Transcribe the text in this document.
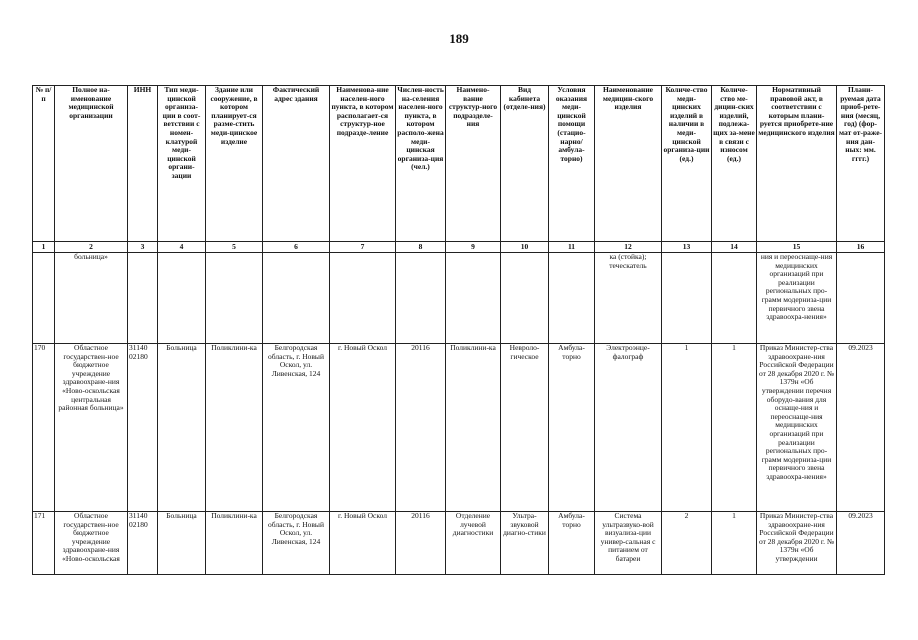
189
№ п/п	Полное на-именование медицинской организации	ИНН	Тип меди-цинской организа-ции в соот-ветствии с номен-клатурой меди-цинской органи-зации	Здание или сооружение, в котором планирует-ся разме-стить меди-цинское изделие	Фактический адрес здания	Наименова-ние населен-ного пункта, в котором располагает-ся структур-ное подразде-ление	Числен-ность на-селения населен-ного пункта, в котором располо-жена меди-цинская организа-ция (чел.)	Наимено-вание структур-ного подразделе-ния	Вид кабинета (отделе-ния)	Условия оказания меди-цинской помощи (стацио-нарно/ амбула-торно)	Наименование медицин-ского изделия	Количе-ство меди-цинских изделий в наличии в меди-цинской организа-ции (ед.)	Количе-ство ме-дицин-ских изделий, подлежа-щих за-мене в связи с износом (ед.)	Нормативный правовой акт, в соответствии с которым плани-руется приобрете-ние медицинского изделия	Плани-руемая дата приоб-рете-ния (месяц, год) (фор-мат от-раже-ния дан-ных: мм. гггг.)
1	2	3	4	5	6	7	8	9	10	11	12	13	14	15	16
	больница»										ка (стойка); теческатель			ния и переоснаще-ния медицинских организаций при реализации региональных про-грамм модерниза-ции первичного звена здравоохра-нения»	
170	Областное государствен-ное бюджетное учреждение здравоохране-ния «Ново-оскольская центральная районная больница»	31140 02180	Больница	Поликлини-ка	Белгородская область, г. Новый Оскол, ул. Ливенская, 124	г. Новый Оскол	20116	Поликлини-ка	Невроло-гическое	Амбула-торно	Электроэнце-фалограф	1	1	Приказ Министер-ства здравоохране-ния Российской Федерации от 28 декабря 2020 г. № 1379н «Об утверждении перечня оборудо-вания для оснаще-ния и переоснаще-ния медицинских организаций при реализации региональных про-грамм модерниза-ции первичного звена здравоохра-нения»	09.2023
171	Областное государствен-ное бюджетное учреждение здравоохране-ния «Ново-оскольская	31140 02180	Больница	Поликлини-ка	Белгородская область, г. Новый Оскол, ул. Ливенская, 124	г. Новый Оскол	20116	Отделение лучевой диагностики	Ультра-звуковой диагно-стики	Амбула-торно	Система ультразвуко-вой визуализа-ции универ-сальная с питанием от батареи	2	1	Приказ Министер-ства здравоохране-ния Российской Федерации от 28 декабря 2020 г. № 1379н «Об утверждении	09.2023
